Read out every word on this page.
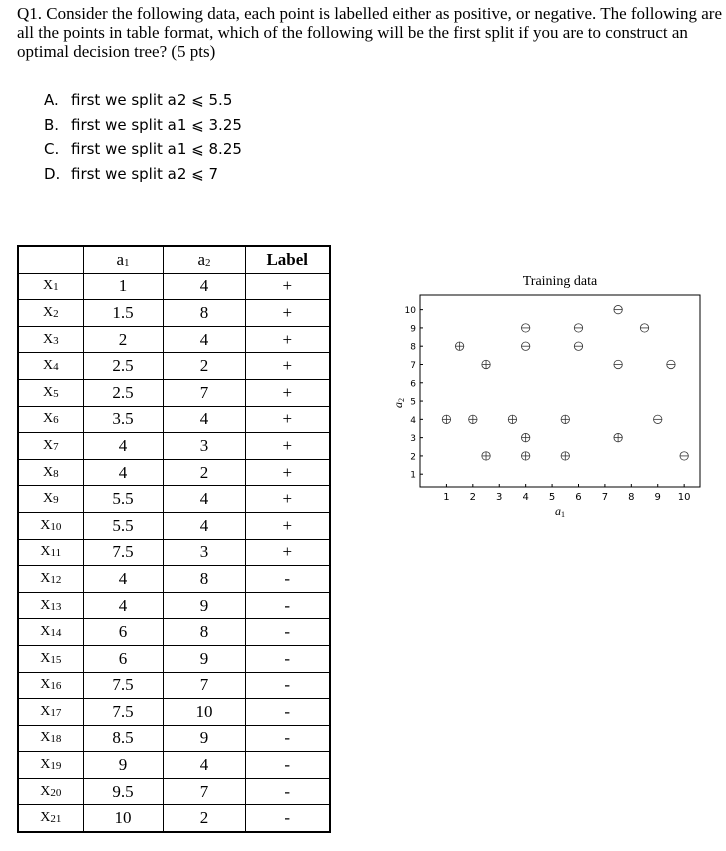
Q1. Consider the following data, each point is labelled either as positive, or negative. The following are all the points in table format, which of the following will be the first split if you are to construct an optimal decision tree? (5 pts)
A. first we split a2 ⩽ 5.5
B. first we split a1 ⩽ 3.25
C. first we split a1 ⩽ 8.25
D. first we split a2 ⩽ 7
	a1	a2	Label
X1	1	4	+
X2	1.5	8	+
X3	2	4	+
X4	2.5	2	+
X5	2.5	7	+
X6	3.5	4	+
X7	4	3	+
X8	4	2	+
X9	5.5	4	+
X10	5.5	4	+
X11	7.5	3	+
X12	4	8	-
X13	4	9	-
X14	6	8	-
X15	6	9	-
X16	7.5	7	-
X17	7.5	10	-
X18	8.5	9	-
X19	9	4	-
X20	9.5	7	-
X21	10	2	-
Training data
1 2 3 4 5 6 7 8 9 10
1
2
3
4
5
6
7
8
9
10
a1
a2
